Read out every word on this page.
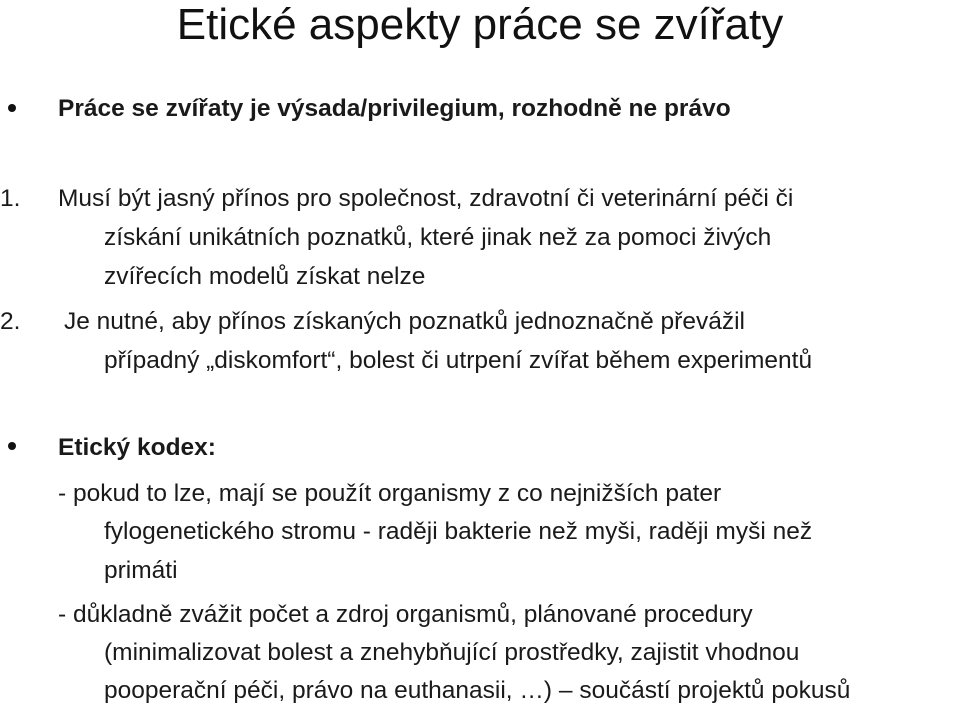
Etické aspekty práce se zvířaty
Práce se zvířaty je výsada/privilegium, rozhodně ne právo
1. Musí být jasný přínos pro společnost, zdravotní či veterinární péči či
získání unikátních poznatků, které jinak než za pomoci živých
zvířecích modelů získat nelze
2. Je nutné, aby přínos získaných poznatků jednoznačně převážil
případný „diskomfort“, bolest či utrpení zvířat během experimentů
Etický kodex:
- pokud to lze, mají se použít organismy z co nejnižších pater
fylogenetického stromu - raději bakterie než myši, raději myši než
primáti
- důkladně zvážit počet a zdroj organismů, plánované procedury
(minimalizovat bolest a znehybňující prostředky, zajistit vhodnou
pooperační péči, právo na euthanasii, …) – součástí projektů pokusů
